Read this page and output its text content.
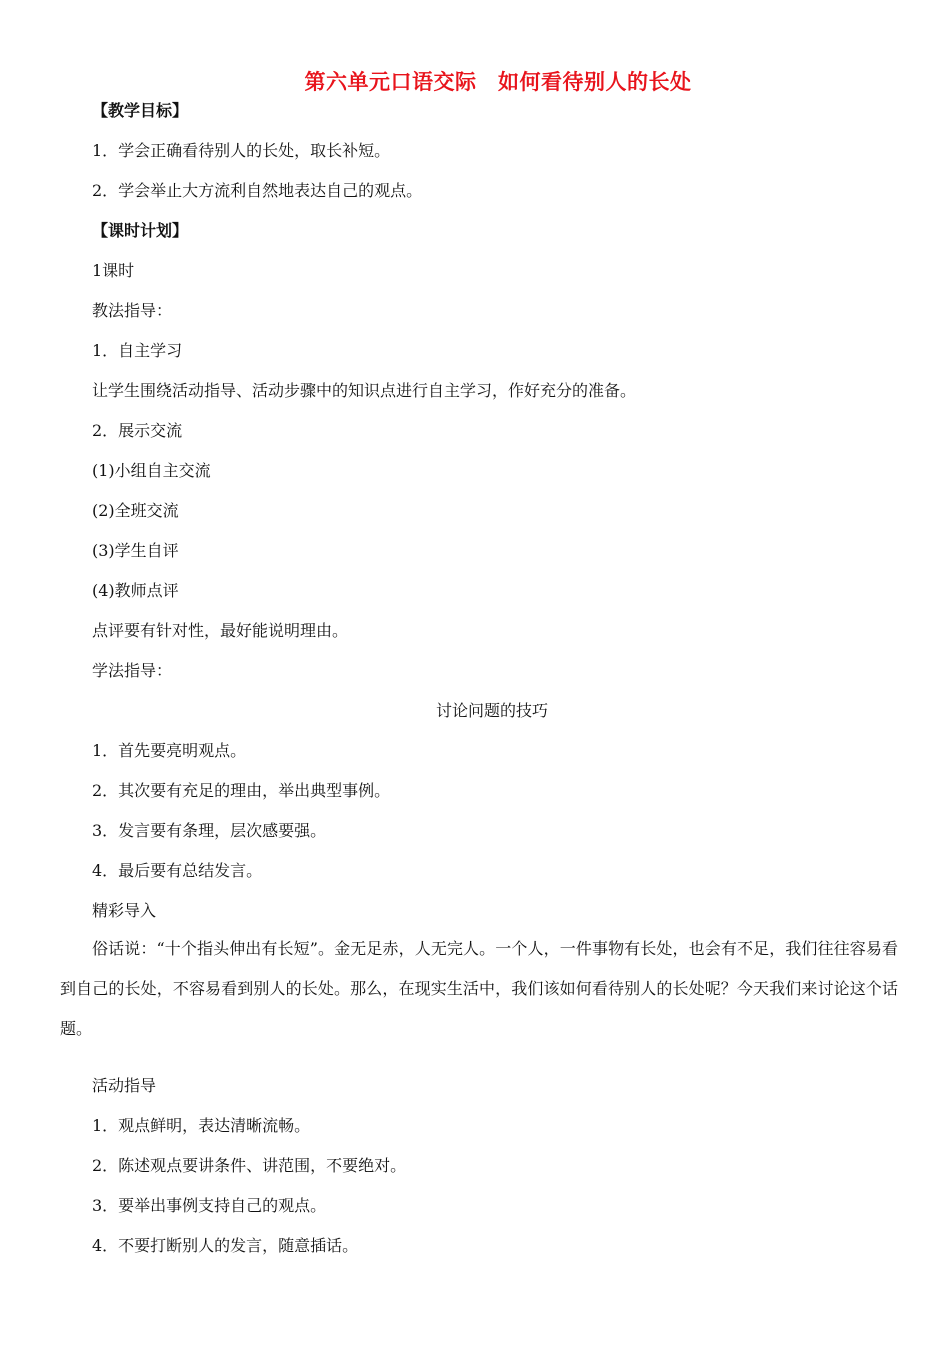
第六单元口语交际　如何看待别人的长处
【教学目标】
1．学会正确看待别人的长处，取长补短。
2．学会举止大方流利自然地表达自己的观点。
【课时计划】
1课时
教法指导：
1．自主学习
让学生围绕活动指导、活动步骤中的知识点进行自主学习，作好充分的准备。
2．展示交流
(1)小组自主交流
(2)全班交流
(3)学生自评
(4)教师点评
点评要有针对性，最好能说明理由。
学法指导：
讨论问题的技巧
1．首先要亮明观点。
2．其次要有充足的理由，举出典型事例。
3．发言要有条理，层次感要强。
4．最后要有总结发言。
精彩导入
俗话说：“十个指头伸出有长短”。金无足赤，人无完人。一个人，一件事物有长处，也会有不足，我们往往容易看到自己的长处，不容易看到别人的长处。那么，在现实生活中，我们该如何看待别人的长处呢？今天我们来讨论这个话题。
活动指导
1．观点鲜明，表达清晰流畅。
2．陈述观点要讲条件、讲范围，不要绝对。
3．要举出事例支持自己的观点。
4．不要打断别人的发言，随意插话。
